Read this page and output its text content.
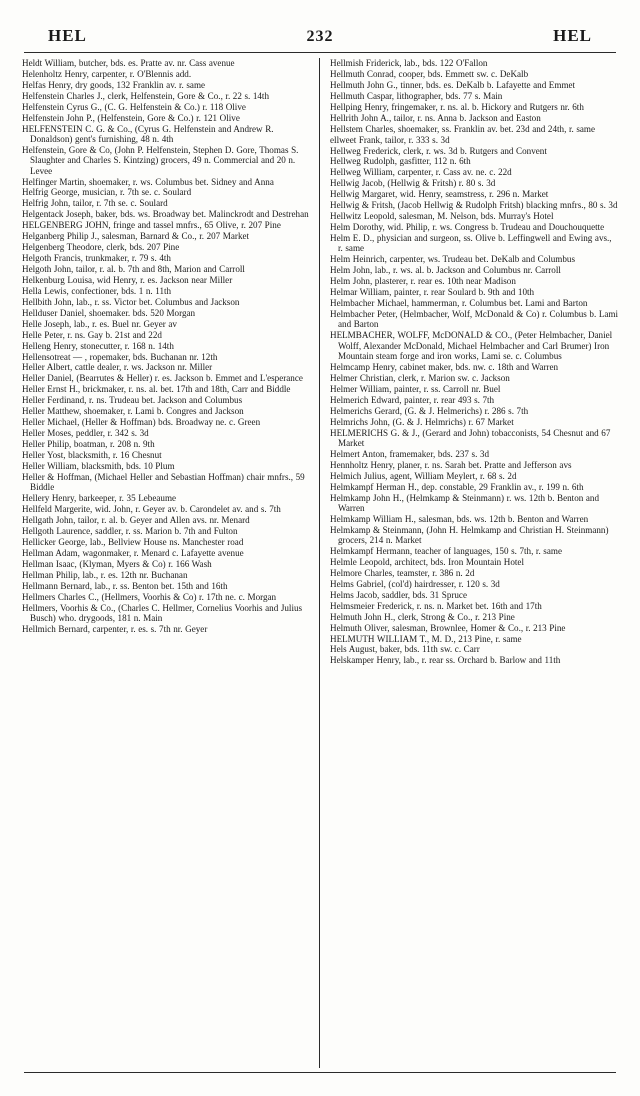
HEL	232	HEL

Heldt William, butcher, bds. es. Pratte av. nr. Cass avenue

Helenholtz Henry, carpenter, r. O'Blennis add.

Helfas Henry, dry goods, 132 Franklin av. r. same

Helfenstein Charles J., clerk, Helfenstein, Gore & Co., r. 22 s. 14th

Helfenstein Cyrus G., (C. G. Helfenstein & Co.) r. 118 Olive

Helfenstein John P., (Helfenstein, Gore & Co.) r. 121 Olive

HELFENSTEIN C. G. & Co., (Cyrus G. Helfenstein and Andrew R. Donaldson) gent's furnishing, 48 n. 4th

Helfenstein, Gore & Co, (John P. Helfenstein, Stephen D. Gore, Thomas S. Slaughter and Charles S. Kintzing) grocers, 49 n. Commercial and 20 n. Levee

Helfinger Martin, shoemaker, r. ws. Columbus bet. Sidney and Anna

Helfrig George, musician, r. 7th se. c. Soulard

Helfrig John, tailor, r. 7th se. c. Soulard

Helgentack Joseph, baker, bds. ws. Broadway bet. Malinckrodt and Destrehan

HELGENBERG JOHN, fringe and tassel mnfrs., 65 Olive, r. 207 Pine

Helganberg Philip J., salesman, Barnard & Co., r. 207 Market

Helgenberg Theodore, clerk, bds. 207 Pine

Helgoth Francis, trunkmaker, r. 79 s. 4th

Helgoth John, tailor, r. al. b. 7th and 8th, Marion and Carroll

Helkenburg Louisa, wid Henry, r. es. Jackson near Miller

Hella Lewis, confectioner, bds. 1 n. 11th

Hellbith John, lab., r. ss. Victor bet. Columbus and Jackson

Hellduser Daniel, shoemaker. bds. 520 Morgan

Helle Joseph, lab., r. es. Buel nr. Geyer av

Helle Peter, r. ns. Gay b. 21st and 22d

Helleng Henry, stonecutter, r. 168 n. 14th

Hellensotreat — , ropemaker, bds. Buchanan nr. 12th

Heller Albert, cattle dealer, r. ws. Jackson nr. Miller

Heller Daniel, (Bearrutes & Heller) r. es. Jackson b. Emmet and L'esperance

Heller Ernst H., brickmaker, r. ns. al. bet. 17th and 18th, Carr and Biddle

Heller Ferdinand, r. ns. Trudeau bet. Jackson and Columbus

Heller Matthew, shoemaker, r. Lami b. Congres and Jackson

Heller Michael, (Heller & Hoffman) bds. Broadway ne. c. Green

Heller Moses, peddler, r. 342 s. 3d

Heller Philip, boatman, r. 208 n. 9th

Heller Yost, blacksmith, r. 16 Chesnut

Heller William, blacksmith, bds. 10 Plum

Heller & Hoffman, (Michael Heller and Sebastian Hoffman) chair mnfrs., 59 Biddle

Hellery Henry, barkeeper, r. 35 Lebeaume

Hellfeld Margerite, wid. John, r. Geyer av. b. Carondelet av. and s. 7th

Hellgath John, tailor, r. al. b. Geyer and Allen avs. nr. Menard

Hellgoth Laurence, saddler, r. ss. Marion b. 7th and Fulton

Hellicker George, lab., Bellview House ns. Manchester road

Hellman Adam, wagonmaker, r. Menard c. Lafayette avenue

Hellman Isaac, (Klyman, Myers & Co) r. 166 Wash

Hellman Philip, lab., r. es. 12th nr. Buchanan

Hellmann Bernard, lab., r. ss. Benton bet. 15th and 16th

Hellmers Charles C., (Hellmers, Voorhis & Co) r. 17th ne. c. Morgan

Hellmers, Voorhis & Co., (Charles C. Hellmer, Cornelius Voorhis and Julius Busch) who. drygoods, 181 n. Main

Hellmich Bernard, carpenter, r. es. s. 7th nr. Geyer

Hellmish Friderick, lab., bds. 122 O'Fallon

Hellmuth Conrad, cooper, bds. Emmett sw. c. DeKalb

Hellmuth John G., tinner, bds. es. DeKalb b. Lafayette and Emmet

Hellmuth Caspar, lithographer, bds. 77 s. Main

Hellping Henry, fringemaker, r. ns. al. b. Hickory and Rutgers nr. 6th

Hellrith John A., tailor, r. ns. Anna b. Jackson and Easton

Hellstem Charles, shoemaker, ss. Franklin av. bet. 23d and 24th, r. same

ellweet Frank, tailor, r. 333 s. 3d

Hellweg Frederick, clerk, r. ws. 3d b. Rutgers and Convent

Hellweg Rudolph, gasfitter, 112 n. 6th

Hellweg William, carpenter, r. Cass av. ne. c. 22d

Hellwig Jacob, (Hellwig & Fritsh) r. 80 s. 3d

Hellwig Margaret, wid. Henry, seamstress, r. 296 n. Market

Hellwig & Fritsh, (Jacob Hellwig & Rudolph Fritsh) blacking mnfrs., 80 s. 3d

Hellwitz Leopold, salesman, M. Nelson, bds. Murray's Hotel

Helm Dorothy, wid. Philip, r. ws. Congress b. Trudeau and Douchouquette

Helm E. D., physician and surgeon, ss. Olive b. Leffingwell and Ewing avs., r. same

Helm Heinrich, carpenter, ws. Trudeau bet. DeKalb and Columbus

Helm John, lab., r. ws. al. b. Jackson and Columbus nr. Carroll

Helm John, plasterer, r. rear es. 10th near Madison

Helmar William, painter, r. rear Soulard b. 9th and 10th

Helmbacher Michael, hammerman, r. Columbus bet. Lami and Barton

Helmbacher Peter, (Helmbacher, Wolf, McDonald & Co) r. Columbus b. Lami and Barton

HELMBACHER, WOLFF, McDONALD & CO., (Peter Helmbacher, Daniel Wolff, Alexander McDonald, Michael Helmbacher and Carl Brumer) Iron Mountain steam forge and iron works, Lami se. c. Columbus

Helmcamp Henry, cabinet maker, bds. nw. c. 18th and Warren

Helmer Christian, clerk, r. Marion sw. c. Jackson

Helmer William, painter, r. ss. Carroll nr. Buel

Helmerich Edward, painter, r. rear 493 s. 7th

Helmerichs Gerard, (G. & J. Helmerichs) r. 286 s. 7th

Helmrichs John, (G. & J. Helmrichs) r. 67 Market

HELMERICHS G. & J., (Gerard and John) tobacconists, 54 Chesnut and 67 Market

Helmert Anton, framemaker, bds. 237 s. 3d

Hennholtz Henry, planer, r. ns. Sarah bet. Pratte and Jefferson avs

Helmich Julius, agent, William Meylert, r. 68 s. 2d

Helmkampf Herman H., dep. constable, 29 Franklin av., r. 199 n. 6th

Helmkamp John H., (Helmkamp & Steinmann) r. ws. 12th b. Benton and Warren

Helmkamp William H., salesman, bds. ws. 12th b. Benton and Warren

Helmkamp & Steinmann, (John H. Helmkamp and Christian H. Steinmann) grocers, 214 n. Market

Helmkampf Hermann, teacher of languages, 150 s. 7th, r. same

Helmle Leopold, architect, bds. Iron Mountain Hotel

Helmore Charles, teamster, r. 386 n. 2d

Helms Gabriel, (col'd) hairdresser, r. 120 s. 3d

Helms Jacob, saddler, bds. 31 Spruce

Helmsmeier Frederick, r. ns. n. Market bet. 16th and 17th

Helmuth John H., clerk, Strong & Co., r. 213 Pine

Helmuth Oliver, salesman, Brownlee, Homer & Co., r. 213 Pine

HELMUTH WILLIAM T., M. D., 213 Pine, r. same

Hels August, baker, bds. 11th sw. c. Carr

Helskamper Henry, lab., r. rear ss. Orchard b. Barlow and 11th
